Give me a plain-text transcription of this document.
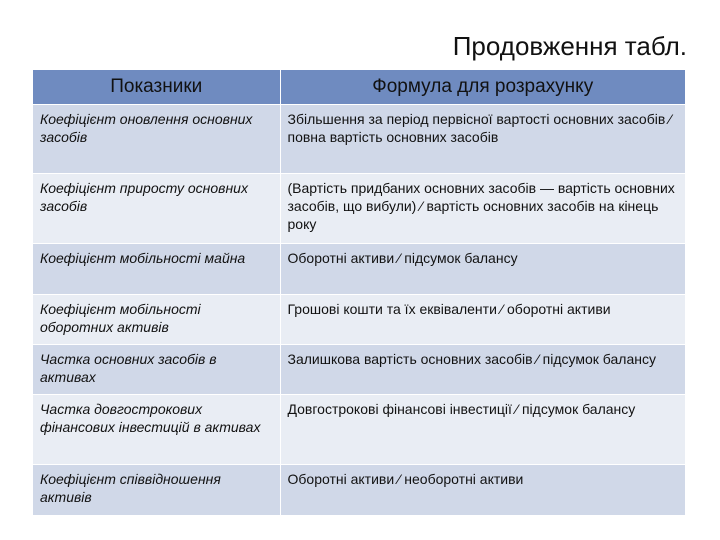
Продовження табл.
Показники	Формула для розрахунку
Коефіцієнт оновлення основних засобів	Збільшення за період первісної вартості основних засобів ⁄ повна вартість основних засобів
Коефіцієнт приросту основних засобів	(Вартість придбаних основних засобів — вартість основних засобів, що вибули) ⁄ вартість основних засобів на кінець року
Коефіцієнт мобільності майна	Оборотні активи ⁄ підсумок балансу
Коефіцієнт мобільності оборотних активів	Грошові кошти та їх еквіваленти ⁄ оборотні активи
Частка основних засобів в активах	Залишкова вартість основних засобів ⁄ підсумок балансу
Частка довгострокових фінансових інвестицій в активах	Довгострокові фінансові інвестиції ⁄ підсумок балансу
Коефіцієнт співвідношення активів	Оборотні активи ⁄ необоротні активи
